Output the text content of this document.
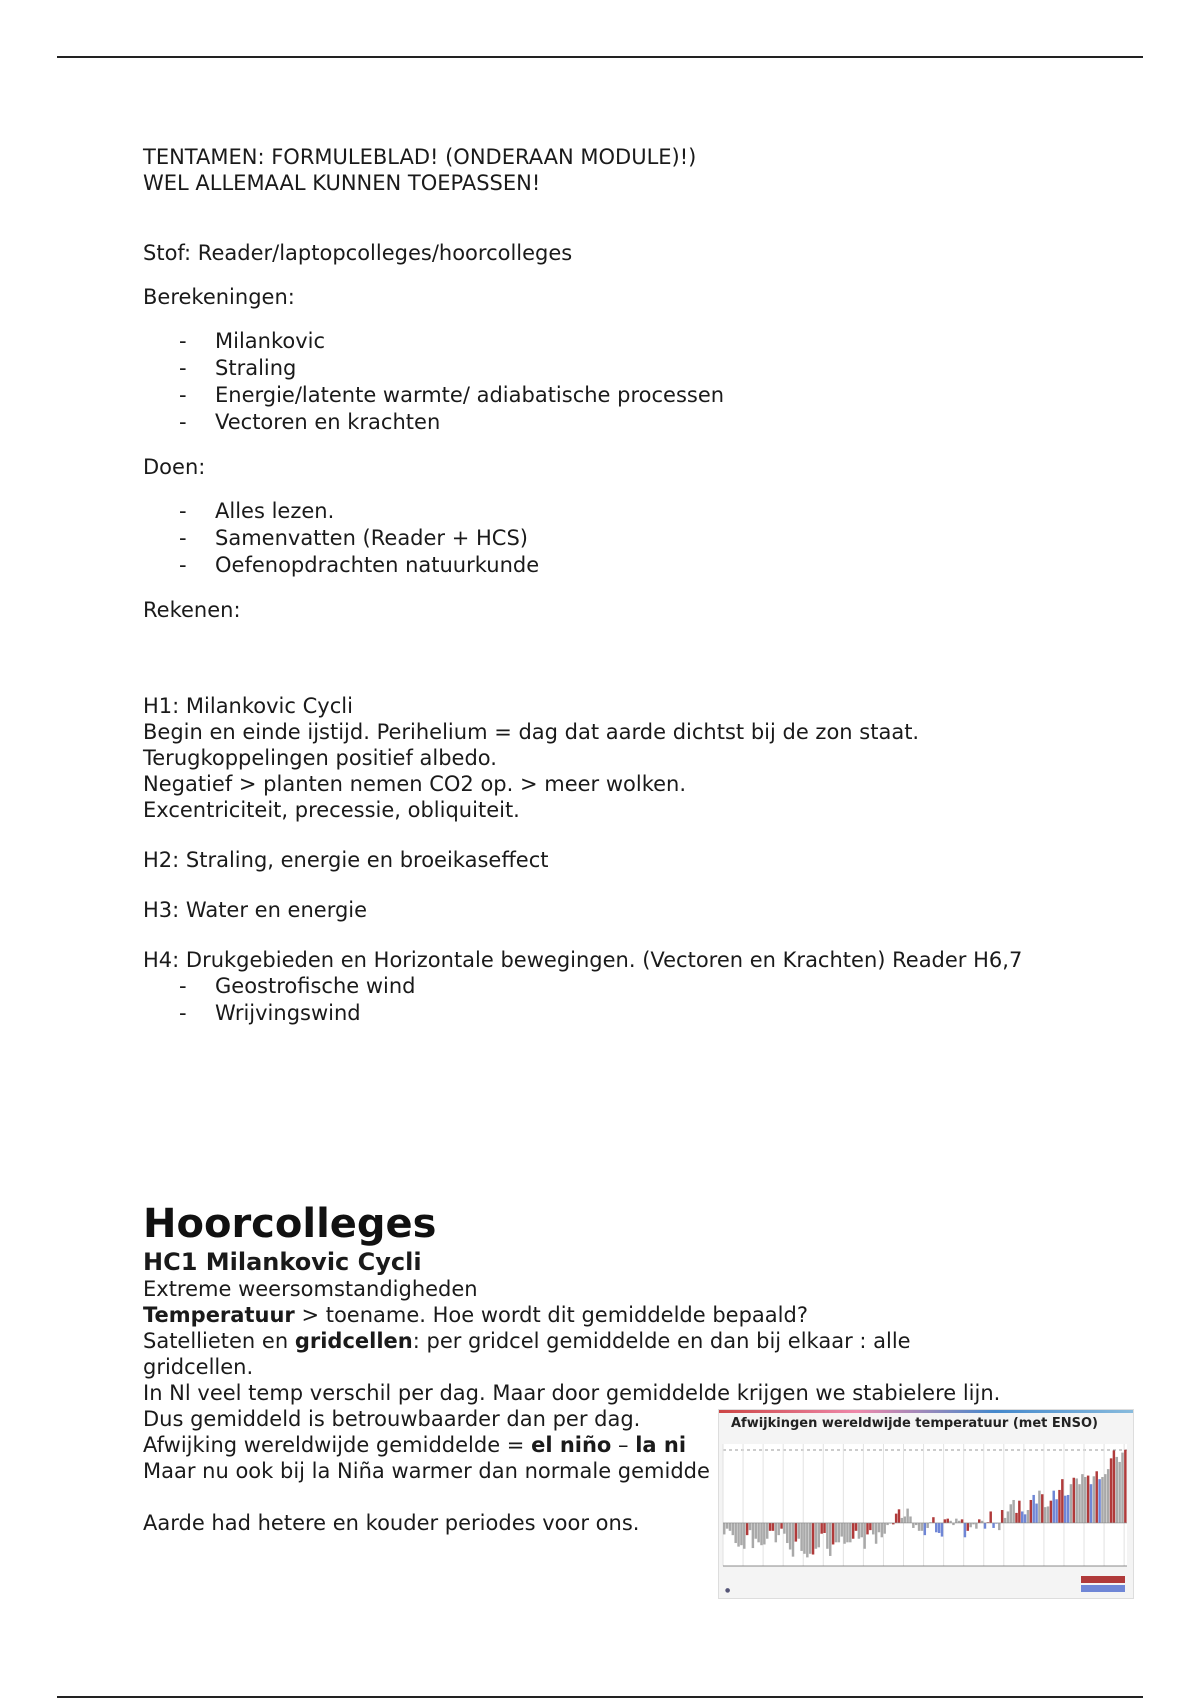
TENTAMEN: FORMULEBLAD! (ONDERAAN MODULE)!)

WEL ALLEMAAL KUNNEN TOEPASSEN!

Stof: Reader/laptopcolleges/hoorcolleges

Berekeningen:

- Milankovic
- Straling
- Energie/latente warmte/ adiabatische processen
- Vectoren en krachten

Doen:

- Alles lezen.
- Samenvatten (Reader + HCS)
- Oefenopdrachten natuurkunde

Rekenen:

H1: Milankovic Cycli

Begin en einde ijstijd. Perihelium = dag dat aarde dichtst bij de zon staat.

Terugkoppelingen positief albedo.

Negatief > planten nemen CO2 op. > meer wolken.

Excentriciteit, precessie, obliquiteit.

H2: Straling, energie en broeikaseffect

H3: Water en energie

H4: Drukgebieden en Horizontale bewegingen. (Vectoren en Krachten) Reader H6,7

- Geostrofische wind
- Wrijvingswind
Hoorcolleges
HC1 Milankovic Cycli

Extreme weersomstandigheden

Temperatuur > toename. Hoe wordt dit gemiddelde bepaald?

Satellieten en gridcellen: per gridcel gemiddelde en dan bij elkaar : alle gridcellen.

In Nl veel temp verschil per dag. Maar door gemiddelde krijgen we stabielere lijn.

Dus gemiddeld is betrouwbaarder dan per dag.

Afwijking wereldwijde gemiddelde = el niño – la ni

Maar nu ook bij la Niña warmer dan normale gemidde

Aarde had hetere en kouder periodes voor ons.

Afwijkingen wereldwijde temperatuur (met ENSO)
●
